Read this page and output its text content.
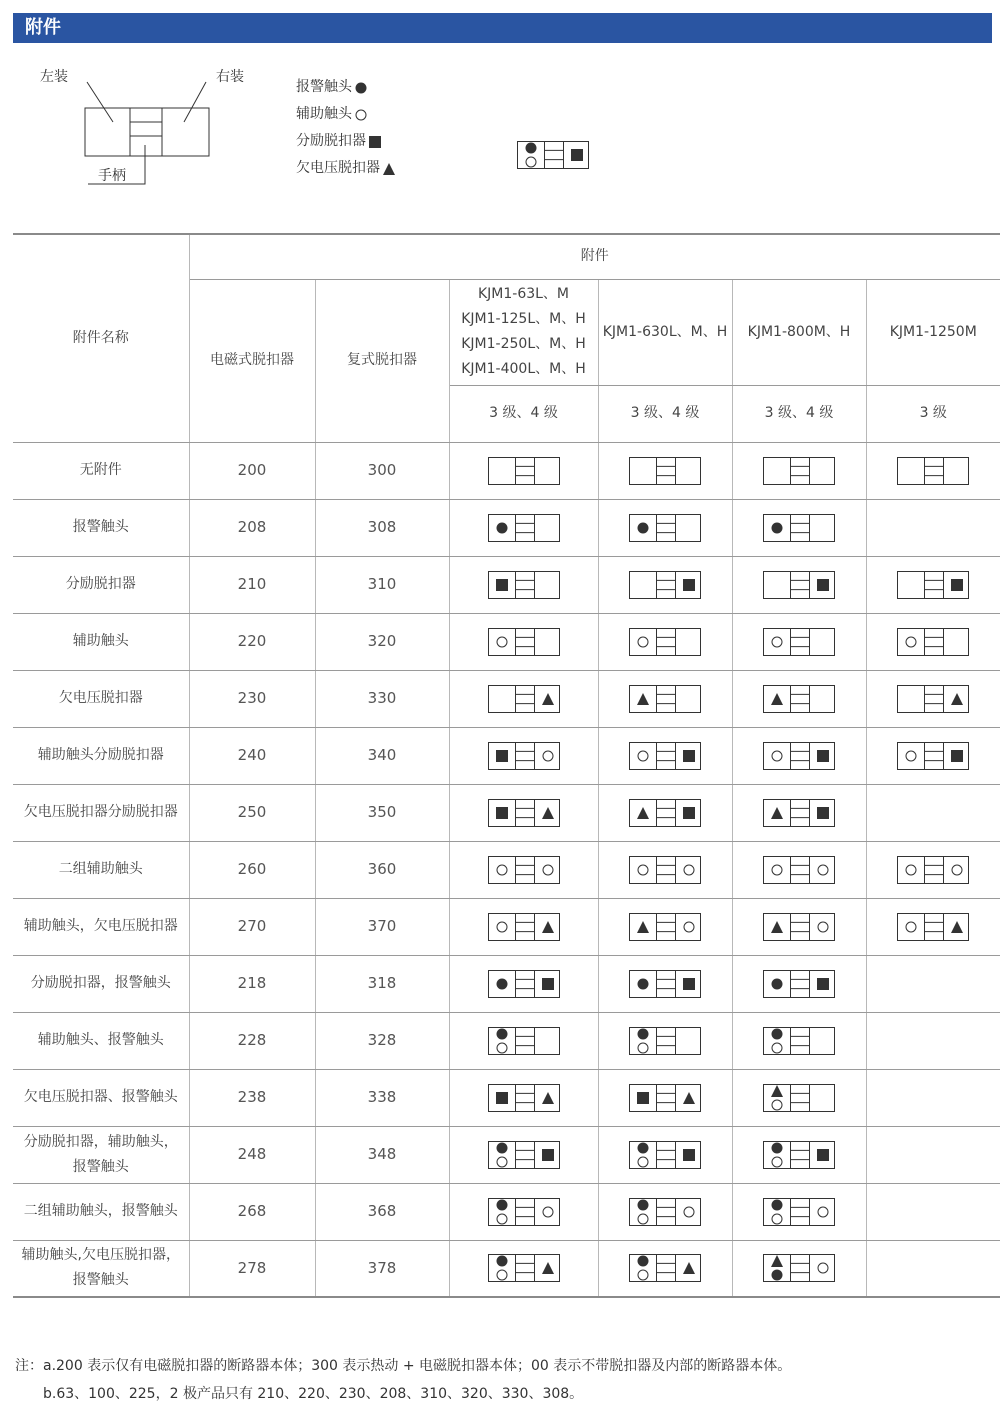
附件
左装	右装
手柄
报警触头
辅助触头
分励脱扣器
欠电压脱扣器
附件名称	附件					
	电磁式脱扣器	复式脱扣器	KJM1-63L、M
KJM1-125L、M、H
KJM1-250L、M、H
KJM1-400L、M、H	KJM1-630L、M、H	KJM1-800M、H	KJM1-1250M

			3 级、4 级	3 级、4 级	3 级、4 级	3 级
无附件	200	300	

报警触头	208	308	

分励脱扣器	210	310	

辅助触头	220	320	

欠电压脱扣器	230	330	

辅助触头分励脱扣器	240	340	

欠电压脱扣器分励脱扣器	250	350	

二组辅助触头	260	360	

辅助触头，欠电压脱扣器	270	370	

分励脱扣器，报警触头	218	318	

辅助触头、报警触头	228	328	

欠电压脱扣器、报警触头	238	338	

分励脱扣器，辅助触头，报警触头	248	348	

二组辅助触头，报警触头	268	368	

辅助触头,欠电压脱扣器，报警触头	278	378	

注：a.200 表示仅有电磁脱扣器的断路器本体；300 表示热动 + 电磁脱扣器本体；00 表示不带脱扣器及内部的断路器本体。
b.63、100、225，2 极产品只有 210、220、230、208、310、320、330、308。
